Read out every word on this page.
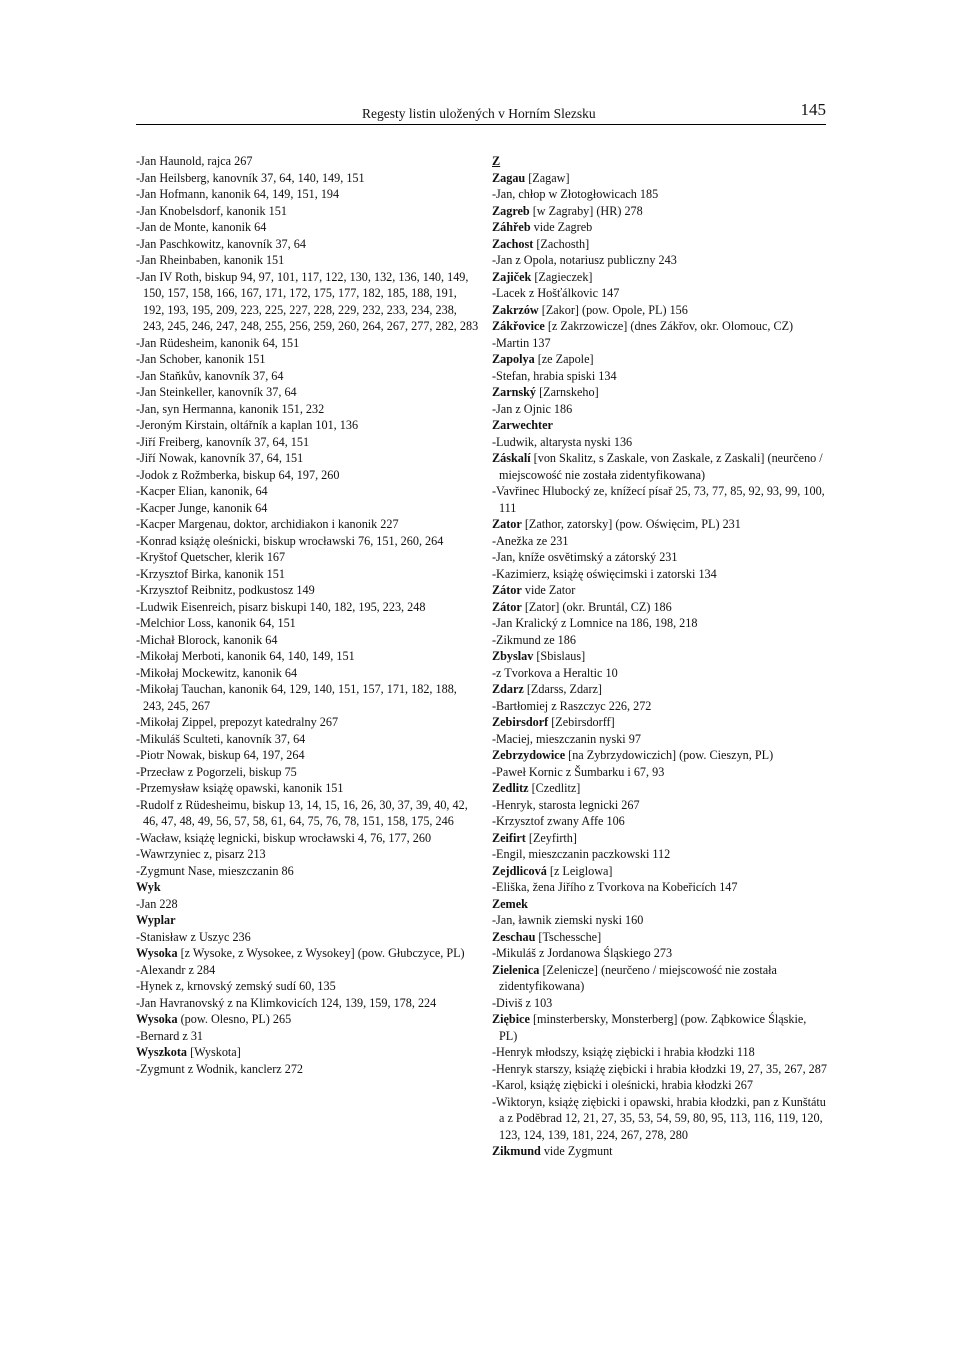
Regesty listin uložených v Horním Slezsku	145
-Jan Haunold, rajca 267
-Jan Heilsberg, kanovník 37, 64, 140, 149, 151
-Jan Hofmann, kanonik 64, 149, 151, 194
-Jan Knobelsdorf, kanonik 151
-Jan de Monte, kanonik 64
-Jan Paschkowitz, kanovník 37, 64
-Jan Rheinbaben, kanonik 151
-Jan IV Roth, biskup 94, 97, 101, 117, 122, 130, 132, 136, 140, 149, 150, 157, 158, 166, 167, 171, 172, 175, 177, 182, 185, 188, 191, 192, 193, 195, 209, 223, 225, 227, 228, 229, 232, 233, 234, 238, 243, 245, 246, 247, 248, 255, 256, 259, 260, 264, 267, 277, 282, 283
-Jan Rüdesheim, kanonik 64, 151
-Jan Schober, kanonik 151
-Jan Staňkův, kanovník 37, 64
-Jan Steinkeller, kanovník 37, 64
-Jan, syn Hermanna, kanonik 151, 232
-Jeroným Kirstain, oltářník a kaplan 101, 136
-Jiří Freiberg, kanovník 37, 64, 151
-Jiří Nowak, kanovník 37, 64, 151
-Jodok z Rožmberka, biskup 64, 197, 260
-Kacper Elian, kanonik, 64
-Kacper Junge, kanonik 64
-Kacper Margenau, doktor, archidiakon i kanonik 227
-Konrad książę oleśnicki, biskup wrocławski 76, 151, 260, 264
-Kryštof Quetscher, klerik 167
-Krzysztof Birka, kanonik 151
-Krzysztof Reibnitz, podkustosz 149
-Ludwik Eisenreich, pisarz biskupi 140, 182, 195, 223, 248
-Melchior Loss, kanonik 64, 151
-Michał Blorock, kanonik 64
-Mikołaj Merboti, kanonik 64, 140, 149, 151
-Mikołaj Mockewitz, kanonik 64
-Mikołaj Tauchan, kanonik 64, 129, 140, 151, 157, 171, 182, 188, 243, 245, 267
-Mikołaj Zippel, prepozyt katedralny 267
-Mikuláš Sculteti, kanovník 37, 64
-Piotr Nowak, biskup 64, 197, 264
-Przecław z Pogorzeli, biskup 75
-Przemysław książę opawski, kanonik 151
-Rudolf z Rüdesheimu, biskup 13, 14, 15, 16, 26, 30, 37, 39, 40, 42, 46, 47, 48, 49, 56, 57, 58, 61, 64, 75, 76, 78, 151, 158, 175, 246
-Wacław, książę legnicki, biskup wrocławski 4, 76, 177, 260
-Wawrzyniec z, pisarz 213
-Zygmunt Nase, mieszczanin 86
Wyk
-Jan 228
Wyplar
-Stanisław z Uszyc 236
Wysoka [z Wysoke, z Wysokee, z Wysokey] (pow. Głubczyce, PL)
-Alexandr z 284
-Hynek z, krnovský zemský sudí 60, 135
-Jan Havranovský z na Klimkovicích 124, 139, 159, 178, 224
Wysoka (pow. Olesno, PL) 265
-Bernard z 31
Wyszkota [Wyskota]
-Zygmunt z Wodnik, kanclerz 272
Z
Zagau [Zagaw]
-Jan, chłop w Złotogłowicach 185
Zagreb [w Zagraby] (HR) 278
Záhřeb vide Zagreb
Zachost [Zachosth]
-Jan z Opola, notariusz publiczny 243
Zajiček [Zagieczek]
-Lacek z Hošťálkovic 147
Zakrzów [Zakor] (pow. Opole, PL) 156
Zákřovice [z Zakrzowicze] (dnes Zákřov, okr. Olomouc, CZ)
-Martin 137
Zapolya [ze Zapole]
-Stefan, hrabia spiski 134
Zarnský [Zarnskeho]
-Jan z Ojnic 186
Zarwechter
-Ludwik, altarysta nyski 136
Záskalí [von Skalitz, s Zaskale, von Zaskale, z Zaskali] (neurčeno / miejscowość nie została zidentyfikowana)
-Vavřinec Hlubocký ze, knížecí písař 25, 73, 77, 85, 92, 93, 99, 100, 111
Zator [Zathor, zatorsky] (pow. Oświęcim, PL) 231
-Anežka ze 231
-Jan, kníže osvětimský a zátorský 231
-Kazimierz, książę oświęcimski i zatorski 134
Zátor vide Zator
Zátor [Zator] (okr. Bruntál, CZ) 186
-Jan Kralický z Lomnice na 186, 198, 218
-Zikmund ze 186
Zbyslav [Sbislaus]
-z Tvorkova a Heraltic 10
Zdarz [Zdarss, Zdarz]
-Bartłomiej z Raszczyc 226, 272
Zebirsdorf [Zebirsdorff]
-Maciej, mieszczanin nyski 97
Zebrzydowice [na Zybrzydowiczich] (pow. Cieszyn, PL)
-Paweł Kornic z Šumbarku i 67, 93
Zedlitz [Czedlitz]
-Henryk, starosta legnicki 267
-Krzysztof zwany Affe 106
Zeifirt [Zeyfirth]
-Engil, mieszczanin paczkowski 112
Zejdlicová [z Leiglowa]
-Eliška, žena Jiřího z Tvorkova na Kobeřicích 147
Zemek
-Jan, ławnik ziemski nyski 160
Zeschau [Tschessche]
-Mikuláš z Jordanowa Śląskiego 273
Zielenica [Zelenicze] (neurčeno / miejscowość nie została zidentyfikowana)
-Diviš z 103
Ziębice [minsterbersky, Monsterberg] (pow. Ząbkowice Śląskie, PL)
-Henryk młodszy, książę ziębicki i hrabia kłodzki 118
-Henryk starszy, książę ziębicki i hrabia kłodzki 19, 27, 35, 267, 287
-Karol, książę ziębicki i oleśnicki, hrabia kłodzki 267
-Wiktoryn, książę ziębicki i opawski, hrabia kłodzki, pan z Kunštátu a z Poděbrad 12, 21, 27, 35, 53, 54, 59, 80, 95, 113, 116, 119, 120, 123, 124, 139, 181, 224, 267, 278, 280
Zikmund vide Zygmunt
